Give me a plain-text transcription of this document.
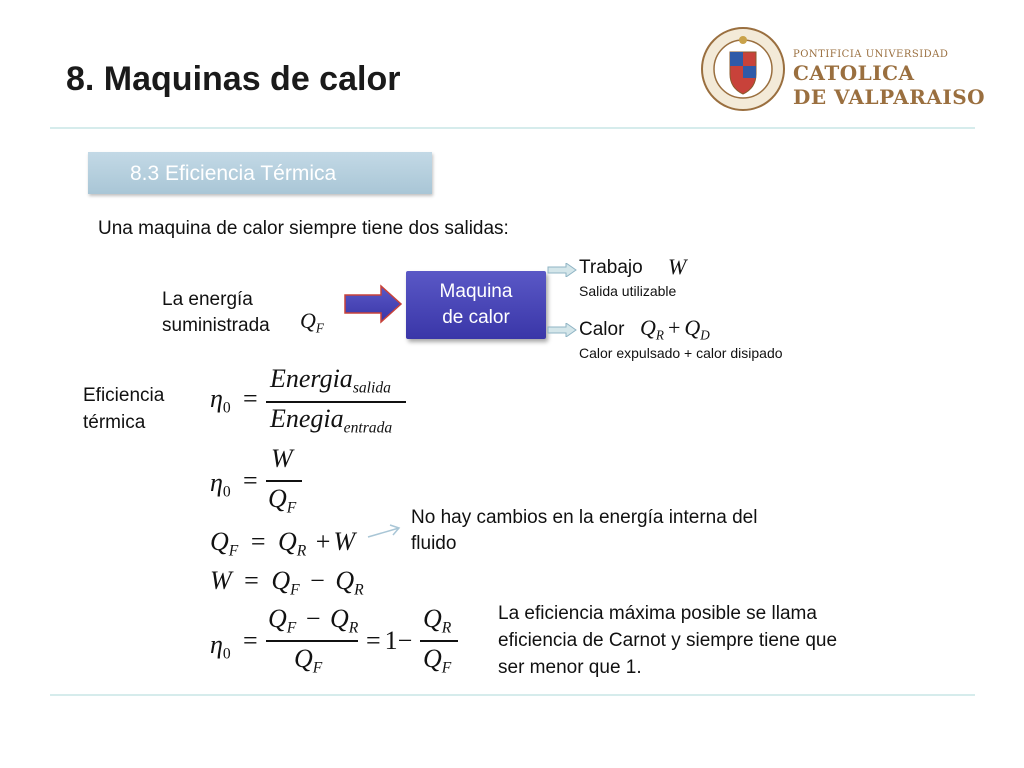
8. Maquinas de calor
PONTIFICIA UNIVERSIDAD
CATOLICA
DE VALPARAISO
8.3 Eficiencia Térmica
Una maquina de calor siempre tiene dos salidas:
La energía
suministrada $Q_F$
Maquina
de calor
Trabajo W
Salida utilizable
Calor $Q_R + Q_D$
Calor expulsado + calor disipado
Eficiencia
térmica
$\eta_0$ =
Energia$_{salida}$
Enegia$_{entrada}$
$\eta_0$ =
W
$Q_F$
$Q_F = Q_R + W$
No hay cambios en la energía interna del
fluido
$W = Q_F - Q_R$
$\eta_0$ =
$Q_F - Q_R$
$Q_F$
= 1−
$Q_R$
$Q_F$
La eficiencia máxima posible se llama
eficiencia de Carnot y siempre tiene que
ser menor que 1.
